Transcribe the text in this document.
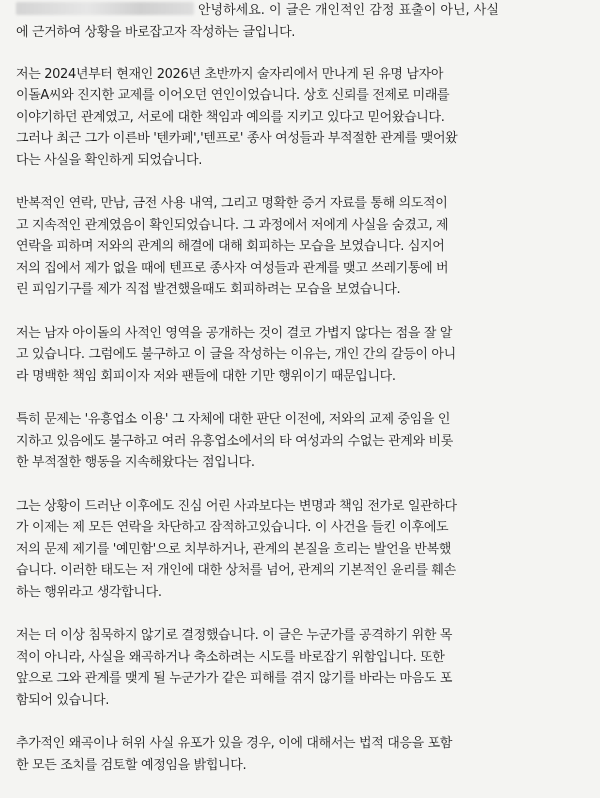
안녕하세요. 이 글은 개인적인 감정 표출이 아닌, 사실

에 근거하여 상황을 바로잡고자 작성하는 글입니다.

저는 2024년부터 현재인 2026년 초반까지 술자리에서 만나게 된 유명 남자아
이돌A씨와 진지한 교제를 이어오던 연인이었습니다. 상호 신뢰를 전제로 미래를
이야기하던 관계였고, 서로에 대한 책임과 예의를 지키고 있다고 믿어왔습니다.
그러나 최근 그가 이른바 '텐카페','텐프로' 종사 여성들과 부적절한 관계를 맺어왔
다는 사실을 확인하게 되었습니다.

반복적인 연락, 만남, 금전 사용 내역, 그리고 명확한 증거 자료를 통해 의도적이
고 지속적인 관계였음이 확인되었습니다. 그 과정에서 저에게 사실을 숨겼고, 제
연락을 피하며 저와의 관계의 해결에 대해 회피하는 모습을 보였습니다. 심지어
저의 집에서 제가 없을 때에 텐프로 종사자 여성들과 관계를 맺고 쓰레기통에 버
린 피임기구를 제가 직접 발견했을때도 회피하려는 모습을 보였습니다.

저는 남자 아이돌의 사적인 영역을 공개하는 것이 결코 가볍지 않다는 점을 잘 알
고 있습니다. 그럼에도 불구하고 이 글을 작성하는 이유는, 개인 간의 갈등이 아니
라 명백한 책임 회피이자 저와 팬들에 대한 기만 행위이기 때문입니다.

특히 문제는 '유흥업소 이용' 그 자체에 대한 판단 이전에, 저와의 교제 중임을 인
지하고 있음에도 불구하고 여러 유흥업소에서의 타 여성과의 수없는 관계와 비롯
한 부적절한 행동을 지속해왔다는 점입니다.

그는 상황이 드러난 이후에도 진심 어린 사과보다는 변명과 책임 전가로 일관하다
가 이제는 제 모든 연락을 차단하고 잠적하고있습니다. 이 사건을 들킨 이후에도
저의 문제 제기를 '예민함'으로 치부하거나, 관계의 본질을 흐리는 발언을 반복했
습니다. 이러한 태도는 저 개인에 대한 상처를 넘어, 관계의 기본적인 윤리를 훼손
하는 행위라고 생각합니다.

저는 더 이상 침묵하지 않기로 결정했습니다. 이 글은 누군가를 공격하기 위한 목
적이 아니라, 사실을 왜곡하거나 축소하려는 시도를 바로잡기 위함입니다. 또한
앞으로 그와 관계를 맺게 될 누군가가 같은 피해를 겪지 않기를 바라는 마음도 포
함되어 있습니다.

추가적인 왜곡이나 허위 사실 유포가 있을 경우, 이에 대해서는 법적 대응을 포함
한 모든 조치를 검토할 예정임을 밝힙니다.
